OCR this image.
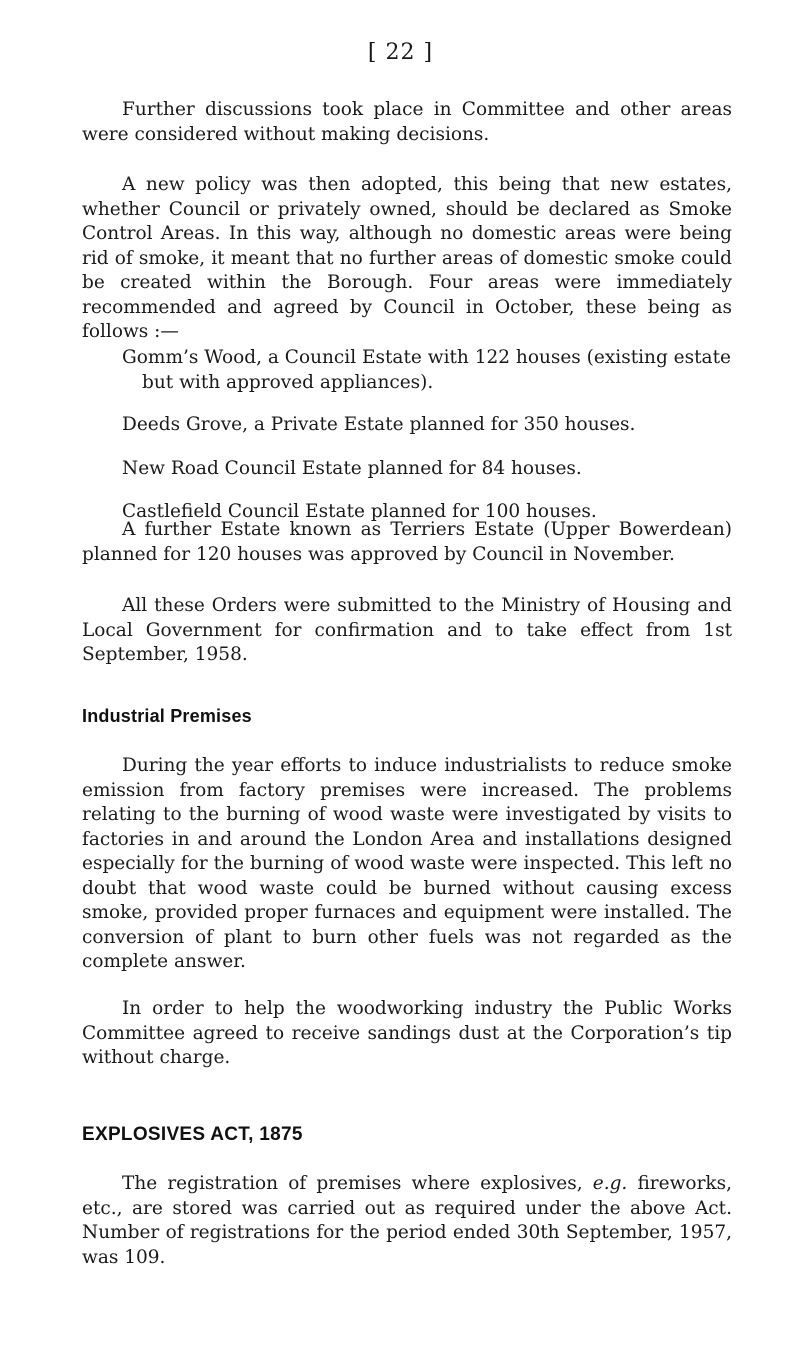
[ 22 ]

Further discussions took place in Committee and other areas were considered without making decisions.

A new policy was then adopted, this being that new estates, whether Council or privately owned, should be declared as Smoke Control Areas. In this way, although no domestic areas were being rid of smoke, it meant that no further areas of domestic smoke could be created within the Borough. Four areas were immediately recommended and agreed by Council in October, these being as follows :—

Gomm’s Wood, a Council Estate with 122 houses (existing estate but with approved appliances).
Deeds Grove, a Private Estate planned for 350 houses.
New Road Council Estate planned for 84 houses.
Castlefield Council Estate planned for 100 houses.

A further Estate known as Terriers Estate (Upper Bowerdean) planned for 120 houses was approved by Council in November.

All these Orders were submitted to the Ministry of Housing and Local Government for confirmation and to take effect from 1st September, 1958.

Industrial Premises

During the year efforts to induce industrialists to reduce smoke emission from factory premises were increased. The problems relating to the burning of wood waste were investigated by visits to factories in and around the London Area and installations designed especially for the burning of wood waste were inspected. This left no doubt that wood waste could be burned without causing excess smoke, provided proper furnaces and equipment were installed. The conversion of plant to burn other fuels was not regarded as the complete answer.

In order to help the woodworking industry the Public Works Committee agreed to receive sandings dust at the Corporation’s tip without charge.

EXPLOSIVES ACT, 1875

The registration of premises where explosives, e.g. fireworks, etc., are stored was carried out as required under the above Act. Number of registrations for the period ended 30th September, 1957, was 109.
